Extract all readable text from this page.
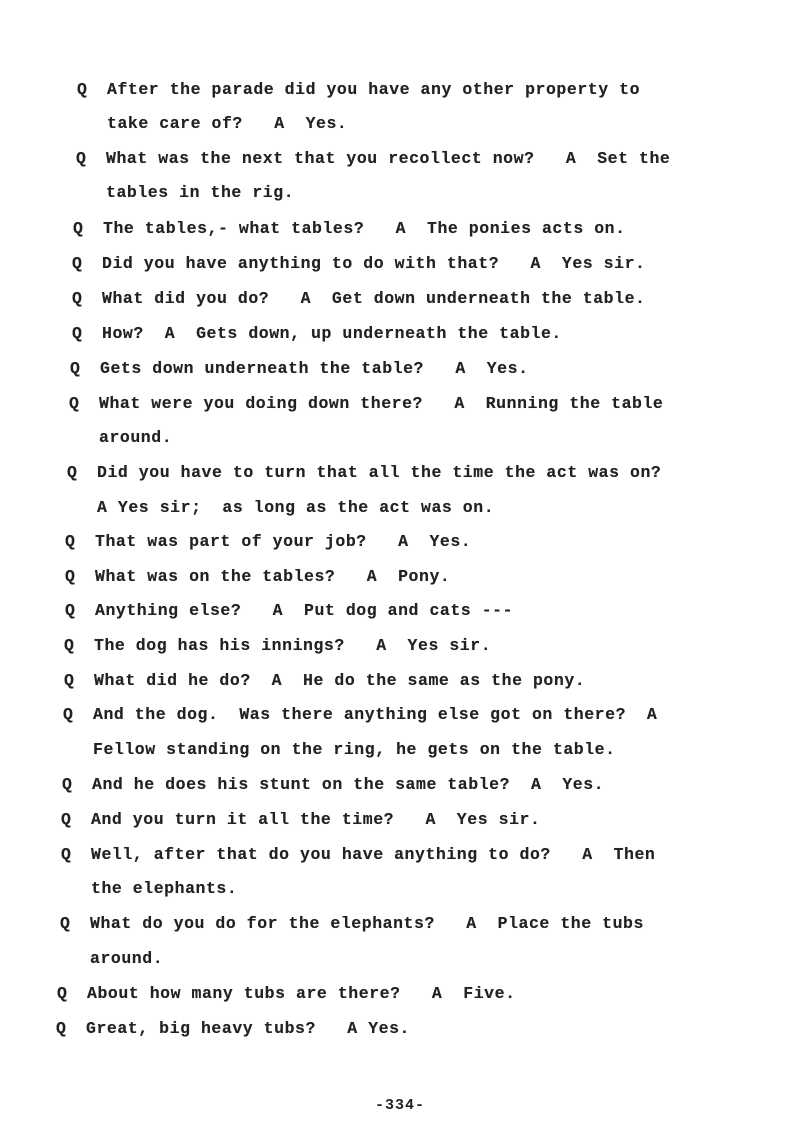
Q After the parade did you have any other property to
take care of?   A  Yes.
Q What was the next that you recollect now?   A  Set the
tables in the rig.
Q The tables,- what tables?   A  The ponies acts on.
Q Did you have anything to do with that?   A  Yes sir.
Q What did you do?   A  Get down underneath the table.
Q How?  A  Gets down, up underneath the table.
Q Gets down underneath the table?   A  Yes.
Q What were you doing down there?   A  Running the table
around.
Q Did you have to turn that all the time the act was on?
A Yes sir;  as long as the act was on.
Q That was part of your job?   A  Yes.
Q What was on the tables?   A  Pony.
Q Anything else?   A  Put dog and cats ---
Q The dog has his innings?   A  Yes sir.
Q What did he do?  A  He do the same as the pony.
Q And the dog.  Was there anything else got on there?  A
Fellow standing on the ring, he gets on the table.
Q And he does his stunt on the same table?  A  Yes.
Q And you turn it all the time?   A  Yes sir.
Q Well, after that do you have anything to do?   A  Then
the elephants.
Q What do you do for the elephants?   A  Place the tubs
around.
Q About how many tubs are there?   A  Five.
Q Great, big heavy tubs?   A Yes.
-334-
